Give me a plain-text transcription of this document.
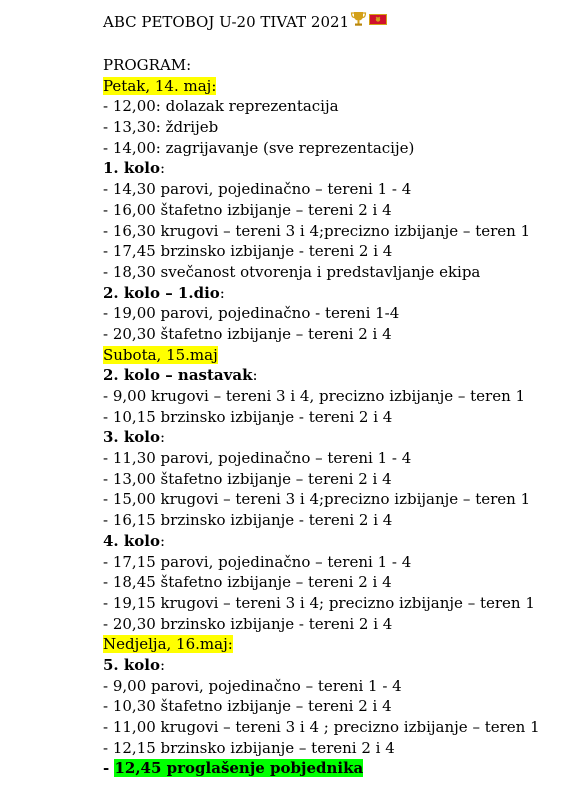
ABC PETOBOJ U-20 TIVAT 2021
PROGRAM:
Petak, 14. maj:
- 12,00: dolazak reprezentacija
- 13,30: ždrijeb
- 14,00: zagrijavanje (sve reprezentacije)
1. kolo:
- 14,30 parovi, pojedinačno – tereni 1 - 4
- 16,00 štafetno izbijanje – tereni 2 i 4
- 16,30 krugovi – tereni 3 i 4;precizno izbijanje – teren 1
- 17,45 brzinsko izbijanje - tereni 2 i 4
- 18,30 svečanost otvorenja i predstavljanje ekipa
2. kolo – 1.dio:
- 19,00 parovi, pojedinačno - tereni 1-4
- 20,30 štafetno izbijanje – tereni 2 i 4
Subota, 15.maj
2. kolo – nastavak:
- 9,00 krugovi – tereni 3 i 4, precizno izbijanje – teren 1
- 10,15 brzinsko izbijanje - tereni 2 i 4
3. kolo:
- 11,30 parovi, pojedinačno – tereni 1 - 4
- 13,00 štafetno izbijanje – tereni 2 i 4
- 15,00 krugovi – tereni 3 i 4;precizno izbijanje – teren 1
- 16,15 brzinsko izbijanje - tereni 2 i 4
4. kolo:
- 17,15 parovi, pojedinačno – tereni 1 - 4
- 18,45 štafetno izbijanje – tereni 2 i 4
- 19,15 krugovi – tereni 3 i 4; precizno izbijanje – teren 1
- 20,30 brzinsko izbijanje - tereni 2 i 4
Nedjelja, 16.maj:
5. kolo:
- 9,00 parovi, pojedinačno – tereni 1 - 4
- 10,30 štafetno izbijanje – tereni 2 i 4
- 11,00 krugovi – tereni 3 i 4 ; precizno izbijanje – teren 1
- 12,15 brzinsko izbijanje – tereni 2 i 4
- 12,45 proglašenje pobjednika
